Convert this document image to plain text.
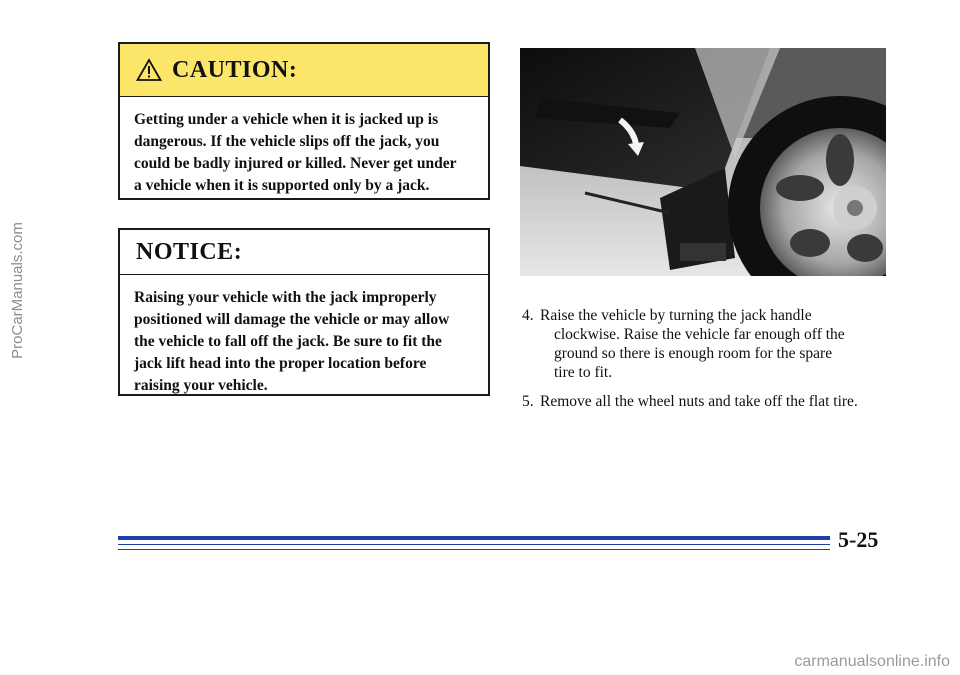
ProCarManuals.com
CAUTION:
Getting under a vehicle when it is jacked up is
dangerous. If the vehicle slips off the jack, you
could be badly injured or killed. Never get under
a vehicle when it is supported only by a jack.
NOTICE:
Raising your vehicle with the jack improperly
positioned will damage the vehicle or may allow
the vehicle to fall off the jack. Be sure to fit the
jack lift head into the proper location before
raising your vehicle.
4. Raise the vehicle by turning the jack handle
clockwise. Raise the vehicle far enough off the
ground so there is enough room for the spare
tire to fit.
5. Remove all the wheel nuts and take off the flat tire.
5-25
carmanualsonline.info
